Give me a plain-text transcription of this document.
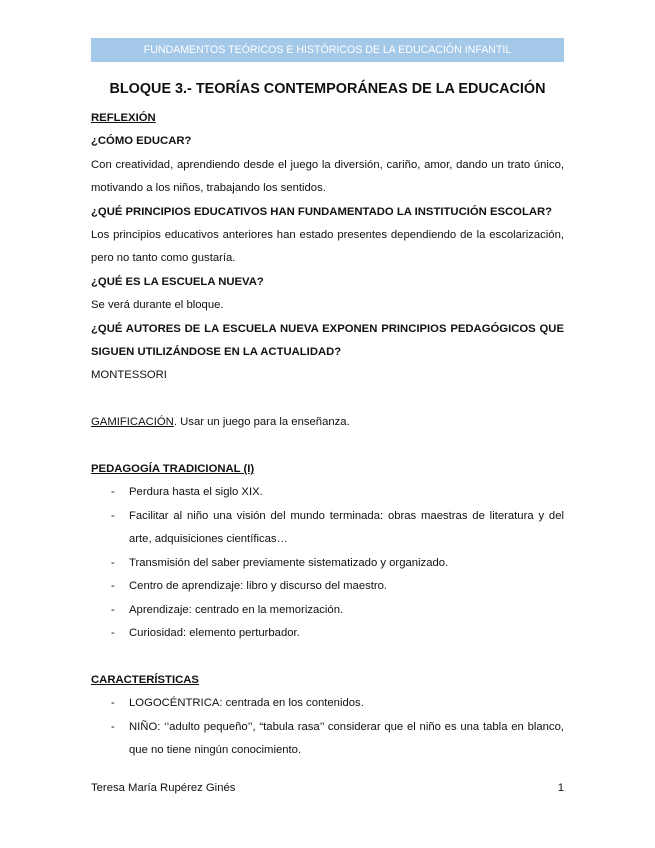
FUNDAMENTOS TEÓRICOS E HISTÓRICOS DE LA EDUCACIÓN INFANTIL
BLOQUE 3.- TEORÍAS CONTEMPORÁNEAS DE LA EDUCACIÓN

REFLEXIÓN

¿CÓMO EDUCAR?

Con creatividad, aprendiendo desde el juego la diversión, cariño, amor, dando un trato único, motivando a los niños, trabajando los sentidos.

¿QUÉ PRINCIPIOS EDUCATIVOS HAN FUNDAMENTADO LA INSTITUCIÓN ESCOLAR?

Los principios educativos anteriores han estado presentes dependiendo de la escolarización, pero no tanto como gustaría.

¿QUÉ ES LA ESCUELA NUEVA?

Se verá durante el bloque.

¿QUÉ AUTORES DE LA ESCUELA NUEVA EXPONEN PRINCIPIOS PEDAGÓGICOS QUE SIGUEN UTILIZÁNDOSE EN LA ACTUALIDAD?

MONTESSORI

GAMIFICACIÓN. Usar un juego para la enseñanza.

PEDAGOGÍA TRADICIONAL (I)

- Perdura hasta el siglo XIX.
- Facilitar al niño una visión del mundo terminada: obras maestras de literatura y del arte, adquisiciones científicas…
- Transmisión del saber previamente sistematizado y organizado.
- Centro de aprendizaje: libro y discurso del maestro.
- Aprendizaje: centrado en la memorización.
- Curiosidad: elemento perturbador.

CARACTERÍSTICAS

- LOGOCÉNTRICA: centrada en los contenidos.
- NIÑO: ‘’adulto pequeño’’, “tabula rasa’’ considerar que el niño es una tabla en blanco, que no tiene ningún conocimiento.
Teresa María Rupérez Ginés	1
